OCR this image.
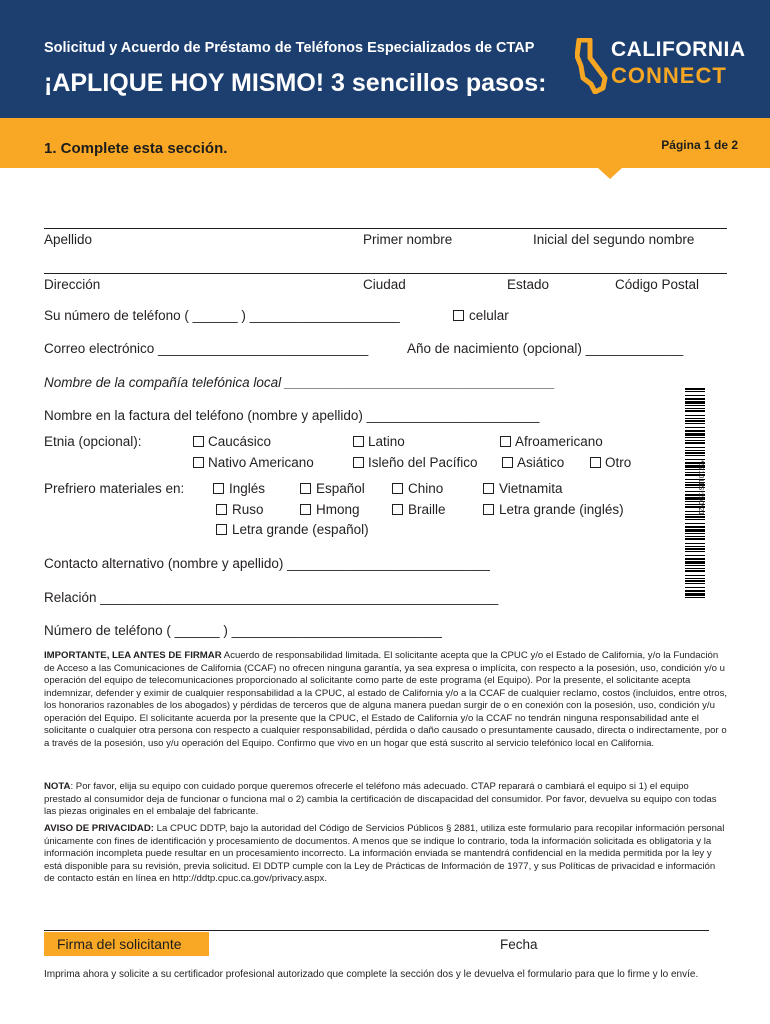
Solicitud y Acuerdo de Préstamo de Teléfonos Especializados de CTAP
¡APLIQUE HOY MISMO! 3 sencillos pasos:
CALIFORNIA
CONNECT
1. Complete esta sección.	Página 1 de 2
Apellido	Primer nombre	Inicial del segundo nombre
Dirección	Ciudad	Estado	Código Postal
Su número de teléfono ( ______ ) ____________________	celular
Correo electrónico ____________________________	Año de nacimiento (opcional) _____________
Nombre de la compañía telefónica local ____________________________________
Nombre en la factura del teléfono (nombre y apellido) _______________________
Etnia (opcional):	Caucásico	Latino	Afroamericano
Nativo Americano	Isleño del Pacífico	Asiático	Otro
Prefriero materiales en:	Inglés	Español	Chino	Vietnamita
Ruso	Hmong	Braille	Letra grande (inglés)
Letra grande (español)
Contacto alternativo (nombre y apellido) ___________________________
Relación _____________________________________________________
Número de teléfono ( ______ ) ____________________________
*521011S*200*21
IMPORTANTE, LEA ANTES DE FIRMAR Acuerdo de responsabilidad limitada. El solicitante acepta que la CPUC y/o el Estado de California, y/o la Fundación de Acceso a las Comunicaciones de California (CCAF) no ofrecen ninguna garantía, ya sea expresa o implícita, con respecto a la posesión, uso, condición y/o u operación del equipo de telecomunicaciones proporcionado al solicitante como parte de este programa (el Equipo). Por la presente, el solicitante acepta indemnizar, defender y eximir de cualquier responsabilidad a la CPUC, al estado de California y/o a la CCAF de cualquier reclamo, costos (incluidos, entre otros, los honorarios razonables de los abogados) y pérdidas de terceros que de alguna manera puedan surgir de o en conexión con la posesión, uso, condición y/u operación del Equipo. El solicitante acuerda por la presente que la CPUC, el Estado de California y/o la CCAF no tendrán ninguna responsabilidad ante el solicitante o cualquier otra persona con respecto a cualquier responsabilidad, pérdida o daño causado o presuntamente causado, directa o indirectamente, por o a través de la posesión, uso y/u operación del Equipo. Confirmo que vivo en un hogar que está suscrito al servicio telefónico local en California.
NOTA: Por favor, elija su equipo con cuidado porque queremos ofrecerle el teléfono más adecuado. CTAP reparará o cambiará el equipo si 1) el equipo prestado al consumidor deja de funcionar o funciona mal o 2) cambia la certificación de discapacidad del consumidor. Por favor, devuelva su equipo con todas las piezas originales en el embalaje del fabricante.
AVISO DE PRIVACIDAD: La CPUC DDTP, bajo la autoridad del Código de Servicios Públicos § 2881, utiliza este formulario para recopilar información personal únicamente con fines de identificación y procesamiento de documentos. A menos que se indique lo contrario, toda la información solicitada es obligatoria y la información incompleta puede resultar en un procesamiento incorrecto. La información enviada se mantendrá confidencial en la medida permitida por la ley y está disponible para su revisión, previa solicitud. El DDTP cumple con la Ley de Prácticas de Información de 1977, y sus Políticas de privacidad e información de contacto están en línea en http://ddtp.cpuc.ca.gov/privacy.aspx.
Firma del solicitante	Fecha
Imprima ahora y solicite a su certificador profesional autorizado que complete la sección dos y le devuelva el formulario para que lo firme y lo envíe.
